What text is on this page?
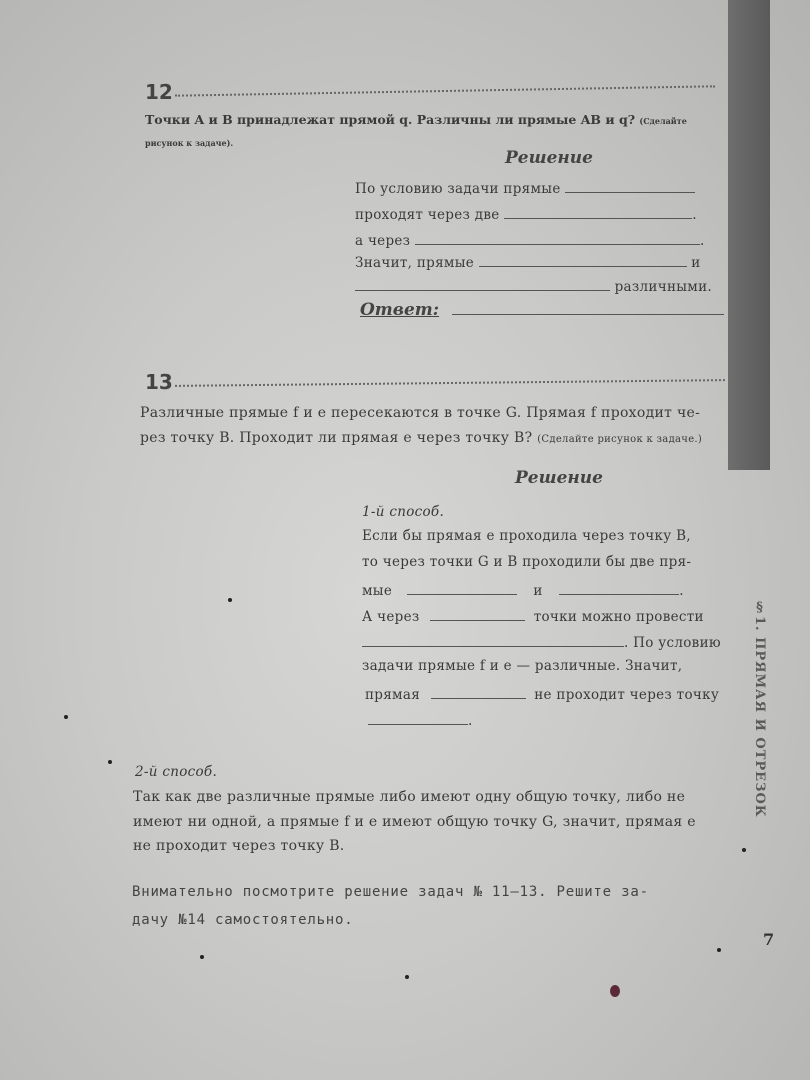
§1. ПРЯМАЯ И ОТРЕЗОК
7
12
Точки A и B принадлежат прямой q. Различны ли прямые AB и q? (Сделайте
рисунок к задаче).
Решение
По условию задачи прямые
проходят через две	.
а через	.
Значит, прямые	и
различными.
Ответ:
13
Различные прямые f и e пересекаются в точке G. Прямая f проходит че-
рез точку B. Проходит ли прямая e через точку B? (Сделайте рисунок к задаче.)
Решение
1-й способ.
Если бы прямая e проходила через точку B,
то через точки G и B проходили бы две пря-
мые	и	.
А через	точки можно провести
. По условию
задачи прямые f и e — различные. Значит,
прямая	не проходит через точку
.
2-й способ.
Так как две различные прямые либо имеют одну общую точку, либо не
имеют ни одной, а прямые f и e имеют общую точку G, значит, прямая e
не проходит через точку B.
Внимательно посмотрите решение задач № 11–13. Решите за-
дачу №14 самостоятельно.
